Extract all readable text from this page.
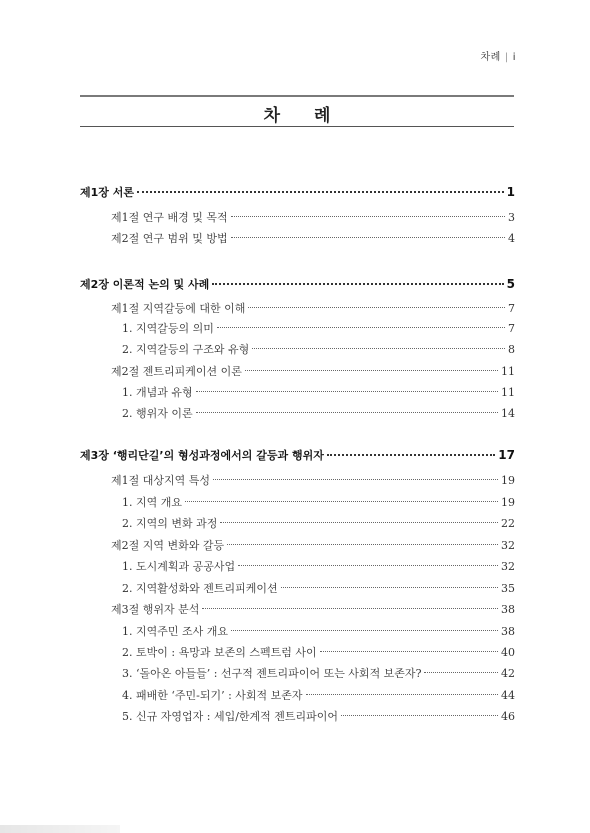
차례 | i
차 례
제1장 서론	1
제1절 연구 배경 및 목적	3
제2절 연구 범위 및 방법	4
제2장 이론적 논의 및 사례	5
제1절 지역갈등에 대한 이해	7
1. 지역갈등의 의미	7
2. 지역갈등의 구조와 유형	8
제2절 젠트리피케이션 이론	11
1. 개념과 유형	11
2. 행위자 이론	14
제3장 ‘행리단길’의 형성과정에서의 갈등과 행위자	17
제1절 대상지역 특성	19
1. 지역 개요	19
2. 지역의 변화 과정	22
제2절 지역 변화와 갈등	32
1. 도시계획과 공공사업	32
2. 지역활성화와 젠트리피케이션	35
제3절 행위자 분석	38
1. 지역주민 조사 개요	38
2. 토박이 : 욕망과 보존의 스펙트럼 사이	40
3. ‘돌아온 아들들’ : 선구적 젠트리파이어 또는 사회적 보존자?	42
4. 패배한 ‘주민-되기’ : 사회적 보존자	44
5. 신규 자영업자 : 세입/한계적 젠트리파이어	46
